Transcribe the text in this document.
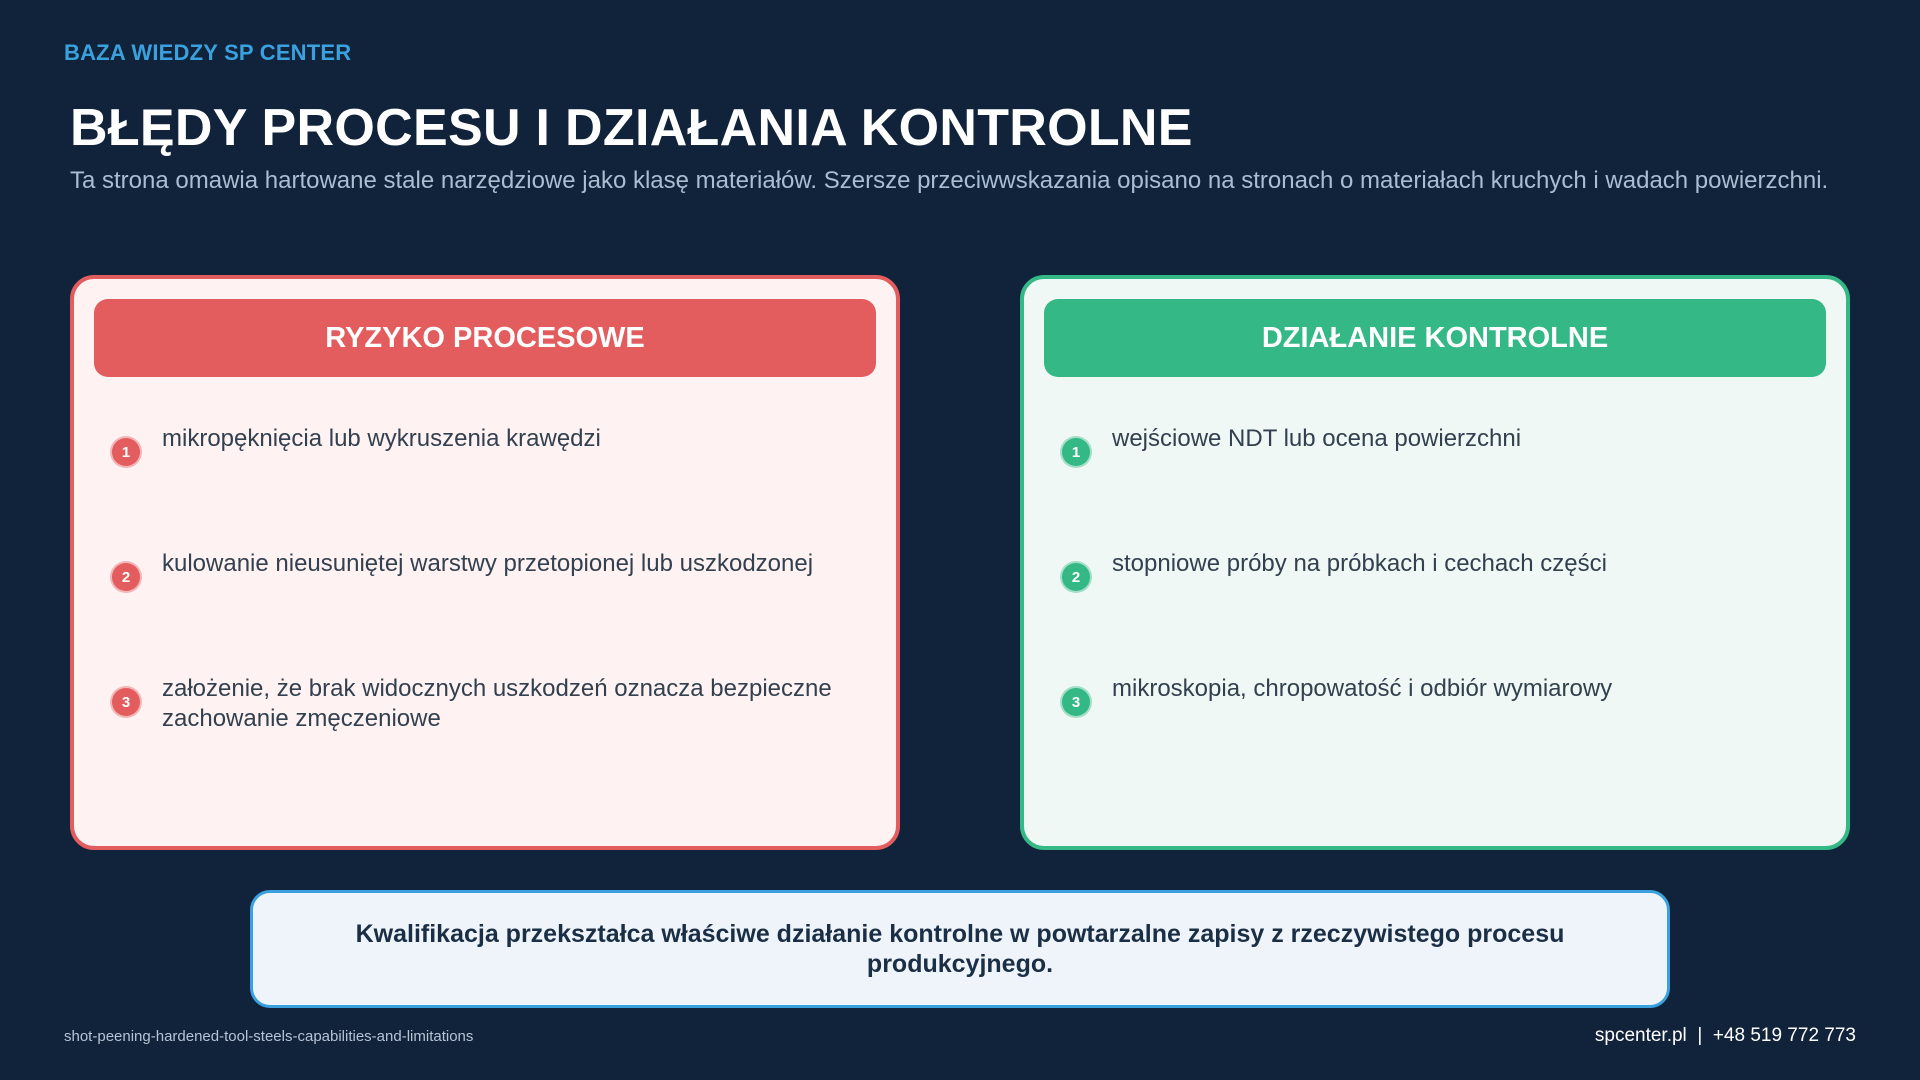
BAZA WIEDZY SP CENTER
BŁĘDY PROCESU I DZIAŁANIA KONTROLNE

Ta strona omawia hartowane stale narzędziowe jako klasę materiałów. Szersze przeciwwskazania opisano na stronach o materiałach kruchych i wadach powierzchni.

RYZYKO PROCESOWE
1	mikropęknięcia lub wykruszenia krawędzi
2	kulowanie nieusuniętej warstwy przetopionej lub uszkodzonej
3	założenie, że brak widocznych uszkodzeń oznacza bezpieczne zachowanie zmęczeniowe
DZIAŁANIE KONTROLNE
1	wejściowe NDT lub ocena powierzchni
2	stopniowe próby na próbkach i cechach części
3	mikroskopia, chropowatość i odbiór wymiarowy
Kwalifikacja przekształca właściwe działanie kontrolne w powtarzalne zapisy z rzeczywistego procesu produkcyjnego.
shot-peening-hardened-tool-steels-capabilities-and-limitations	spcenter.pl  |  +48 519 772 773
